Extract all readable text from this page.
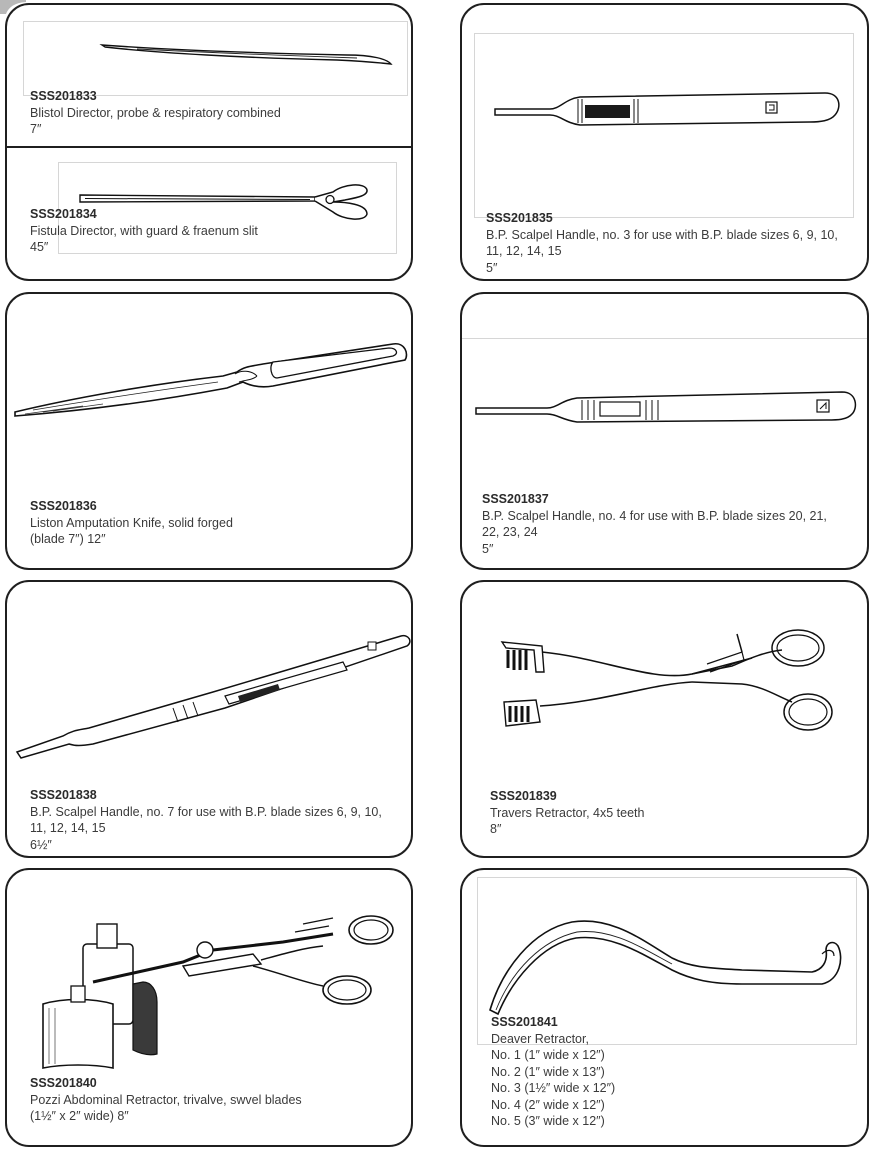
SSS201833
Blistol Director, probe & respiratory combined
7″
SSS201834
Fistula Director, with guard & fraenum slit
45″
SSS201835
B.P. Scalpel Handle, no. 3 for use with B.P. blade sizes 6, 9, 10,
11, 12, 14, 15
5″
SSS201836
Liston Amputation Knife, solid forged
(blade 7″) 12″
SSS201837
B.P. Scalpel Handle, no. 4 for use with B.P. blade sizes 20, 21,
22, 23, 24
5″
SSS201838
B.P. Scalpel Handle, no. 7 for use with B.P. blade sizes 6, 9, 10,
11, 12, 14, 15
6½″
SSS201839
Travers Retractor, 4x5 teeth
8″
SSS201840
Pozzi Abdominal Retractor, trivalve, swvel blades
(1½″ x 2″ wide) 8″
SSS201841
Deaver Retractor,
No. 1 (1″ wide x 12″)
No. 2 (1″ wide x 13″)
No. 3 (1½″ wide x 12″)
No. 4 (2″ wide x 12″)
No. 5 (3″ wide x 12″)
